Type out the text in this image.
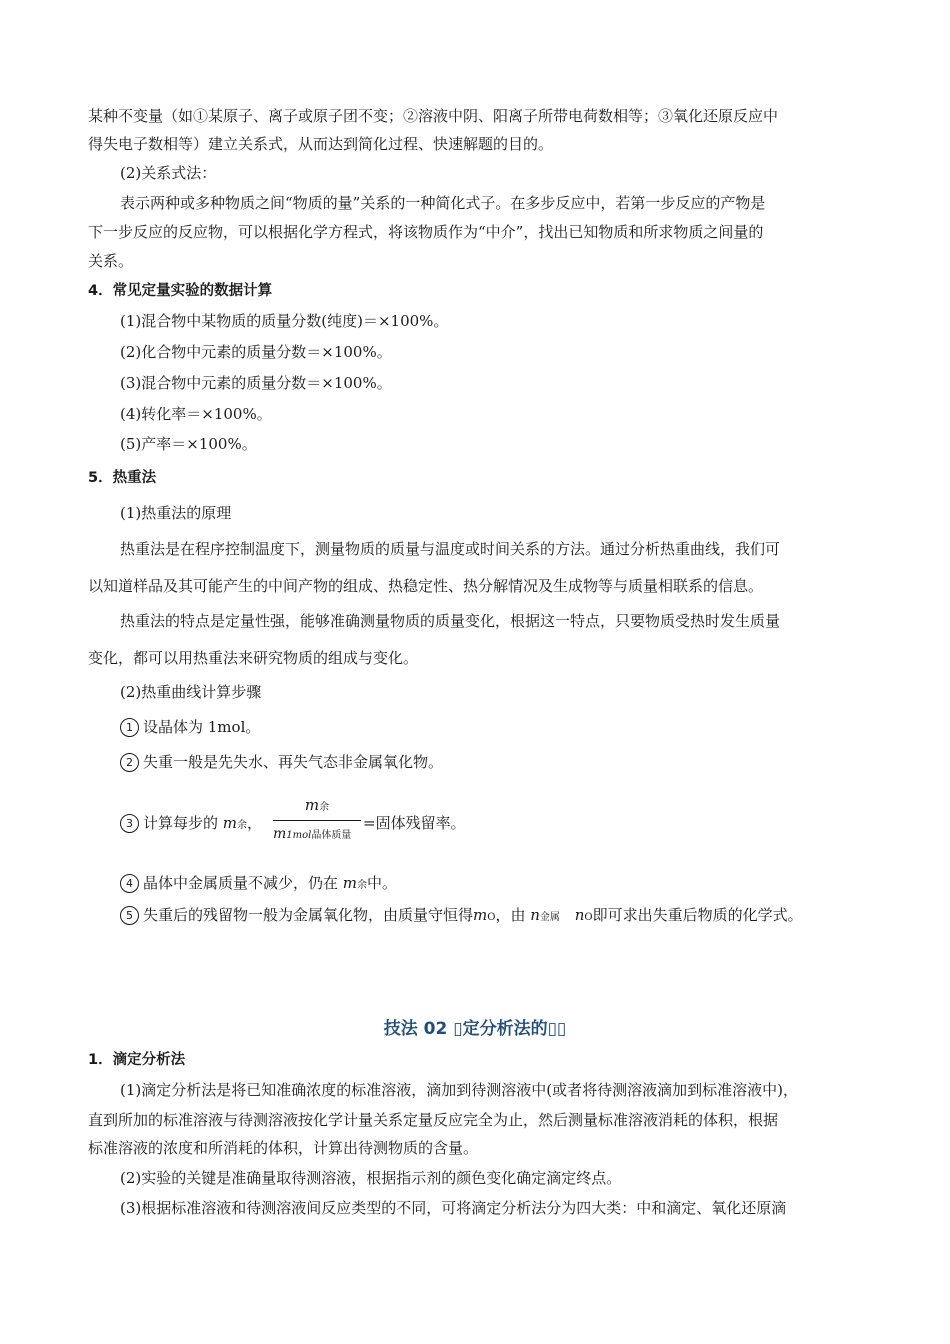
某种不变量（如①某原子、离子或原子团不变；②溶液中阴、阳离子所带电荷数相等；③氧化还原反应中
得失电子数相等）建立关系式，从而达到简化过程、快速解题的目的。
(2)关系式法：
表示两种或多种物质之间“物质的量”关系的一种简化式子。在多步反应中，若第一步反应的产物是
下一步反应的反应物，可以根据化学方程式，将该物质作为“中介”，找出已知物质和所求物质之间量的
关系。
4．常见定量实验的数据计算
(1)混合物中某物质的质量分数(纯度)＝×100%。
(2)化合物中元素的质量分数＝×100%。
(3)混合物中元素的质量分数＝×100%。
(4)转化率＝×100%。
(5)产率＝×100%。
5．热重法
(1)热重法的原理
热重法是在程序控制温度下，测量物质的质量与温度或时间关系的方法。通过分析热重曲线，我们可
以知道样品及其可能产生的中间产物的组成、热稳定性、热分解情况及生成物等与质量相联系的信息。
热重法的特点是定量性强，能够准确测量物质的质量变化，根据这一特点，只要物质受热时发生质量
变化，都可以用热重法来研究物质的组成与变化。
(2)热重曲线计算步骤
1 设晶体为 1mol。
2 失重一般是先失水、再失气态非金属氧化物。
3 计算每步的 m余，
m余
m1mol晶体质量
=固体残留率。
4 晶体中金属质量不减少，仍在 m余中。
5 失重后的残留物一般为金属氧化物，由质量守恒得mO，由 n金属 nO即可求出失重后物质的化学式。
技法 02 ▯定分析法的▯▯
1．滴定分析法
(1)滴定分析法是将已知准确浓度的标准溶液，滴加到待测溶液中(或者将待测溶液滴加到标准溶液中)，
直到所加的标准溶液与待测溶液按化学计量关系定量反应完全为止，然后测量标准溶液消耗的体积，根据
标准溶液的浓度和所消耗的体积，计算出待测物质的含量。
(2)实验的关键是准确量取待测溶液，根据指示剂的颜色变化确定滴定终点。
(3)根据标准溶液和待测溶液间反应类型的不同，可将滴定分析法分为四大类：中和滴定、氧化还原滴
